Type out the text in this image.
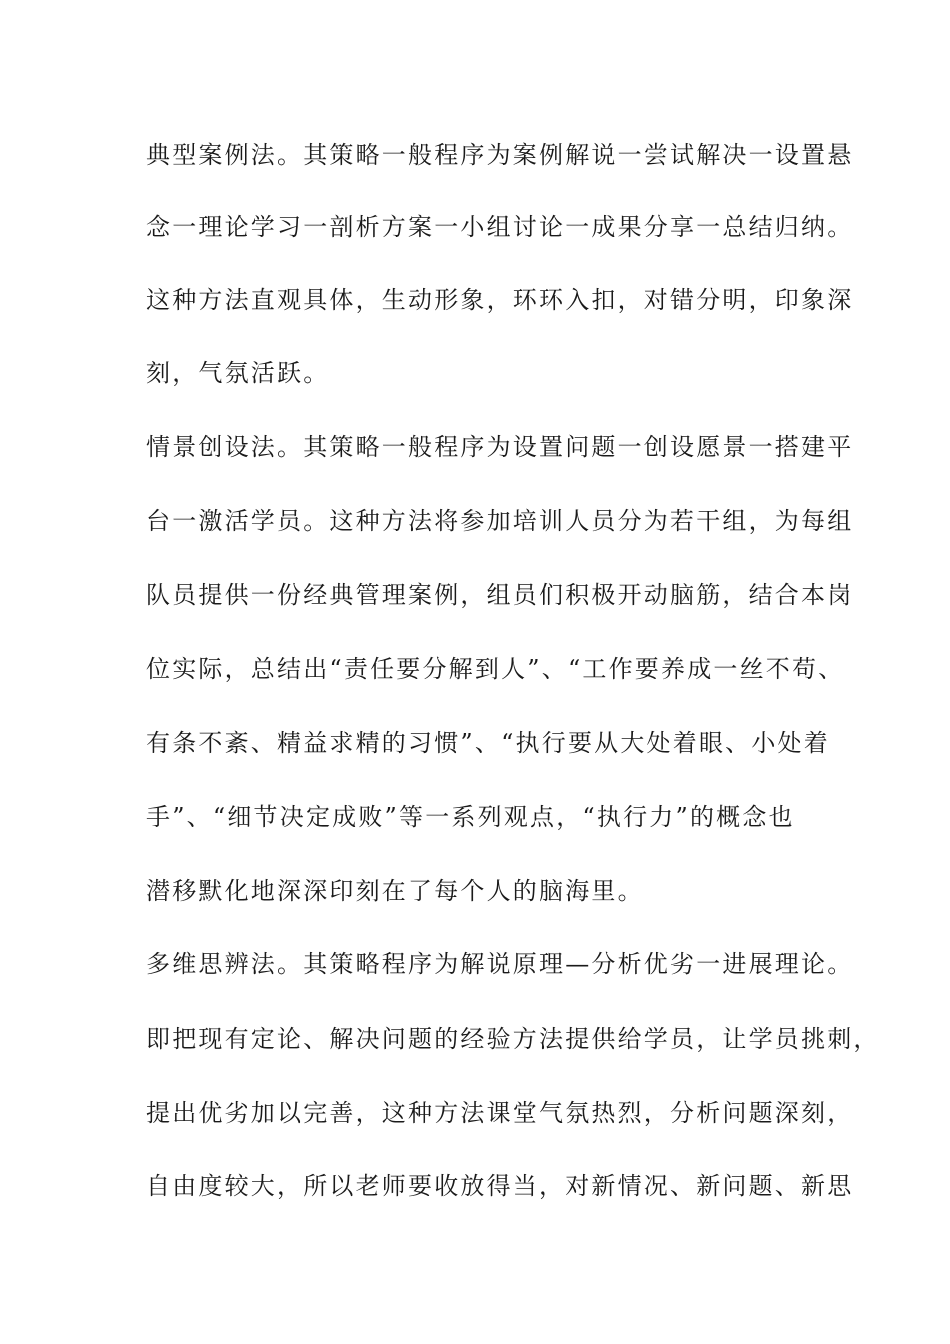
典型案例法。其策略一般程序为案例解说一尝试解决一设置悬
念一理论学习一剖析方案一小组讨论一成果分享一总结归纳。
这种方法直观具体，生动形象，环环入扣，对错分明，印象深
刻，气氛活跃。
情景创设法。其策略一般程序为设置问题一创设愿景一搭建平
台一激活学员。这种方法将参加培训人员分为若干组，为每组
队员提供一份经典管理案例，组员们积极开动脑筋，结合本岗
位实际，总结出“责任要分解到人”、“工作要养成一丝不苟、
有条不紊、精益求精的习惯”、“执行要从大处着眼、小处着
手”、“细节决定成败”等一系列观点，“执行力”的概念也
潜移默化地深深印刻在了每个人的脑海里。
多维思辨法。其策略程序为解说原理—分析优劣一进展理论。
即把现有定论、解决问题的经验方法提供给学员，让学员挑刺，
提出优劣加以完善，这种方法课堂气氛热烈，分析问题深刻，
自由度较大，所以老师要收放得当，对新情况、新问题、新思
